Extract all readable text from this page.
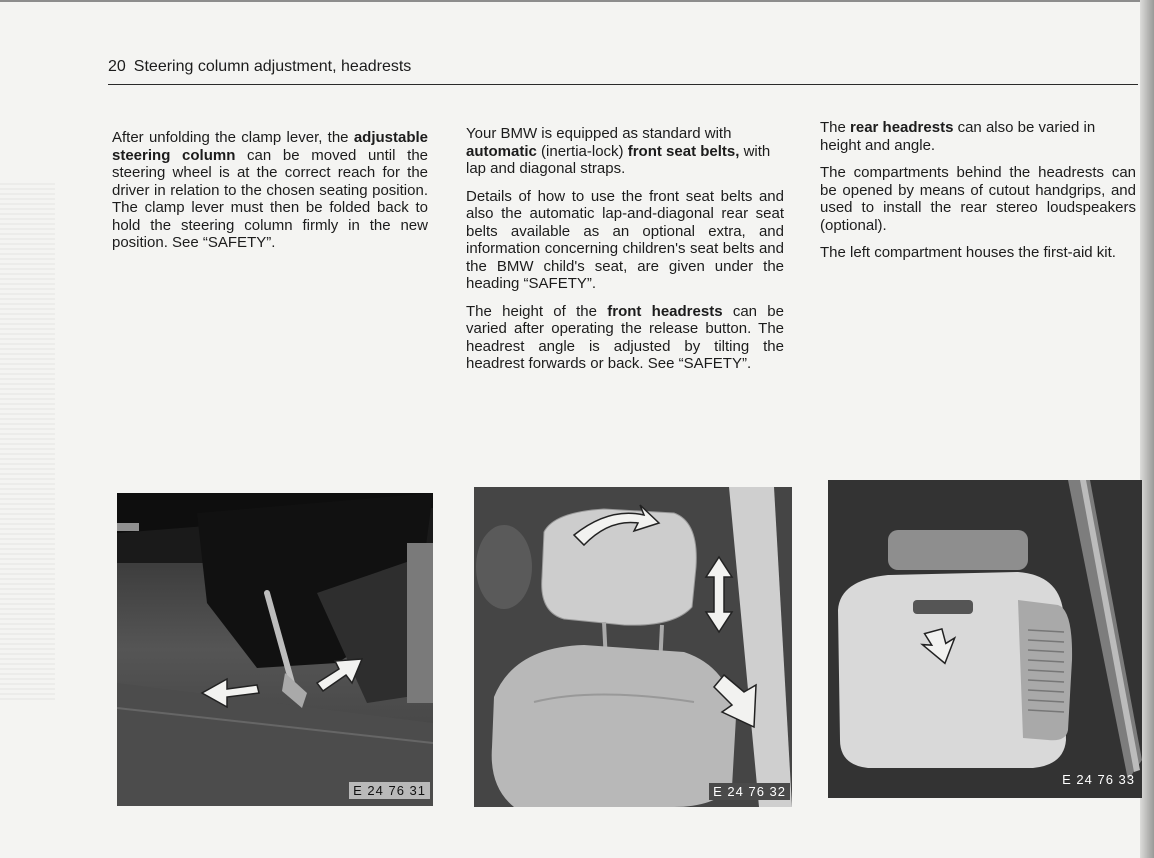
20 Steering column adjustment, headrests

After unfolding the clamp lever, the adjustable steering column can be moved until the steering wheel is at the correct reach for the driver in relation to the chosen seating position. The clamp lever must then be folded back to hold the steering column firmly in the new position. See “SAFETY”.

Your BMW is equipped as standard with automatic (inertia-lock) front seat belts, with lap and diagonal straps.

Details of how to use the front seat belts and also the automatic lap-and-diagonal rear seat belts available as an optional extra, and information concerning children's seat belts and the BMW child's seat, are given under the heading “SAFETY”.

The height of the front headrests can be varied after operating the release button. The headrest angle is adjusted by tilting the headrest forwards or back. See “SAFETY”.

The rear headrests can also be varied in height and angle.

The compartments behind the headrests can be opened by means of cutout handgrips, and used to install the rear stereo loudspeakers (optional).

The left compartment houses the first-aid kit.

E 24 76 31	E 24 76 32
E 24 76 33
